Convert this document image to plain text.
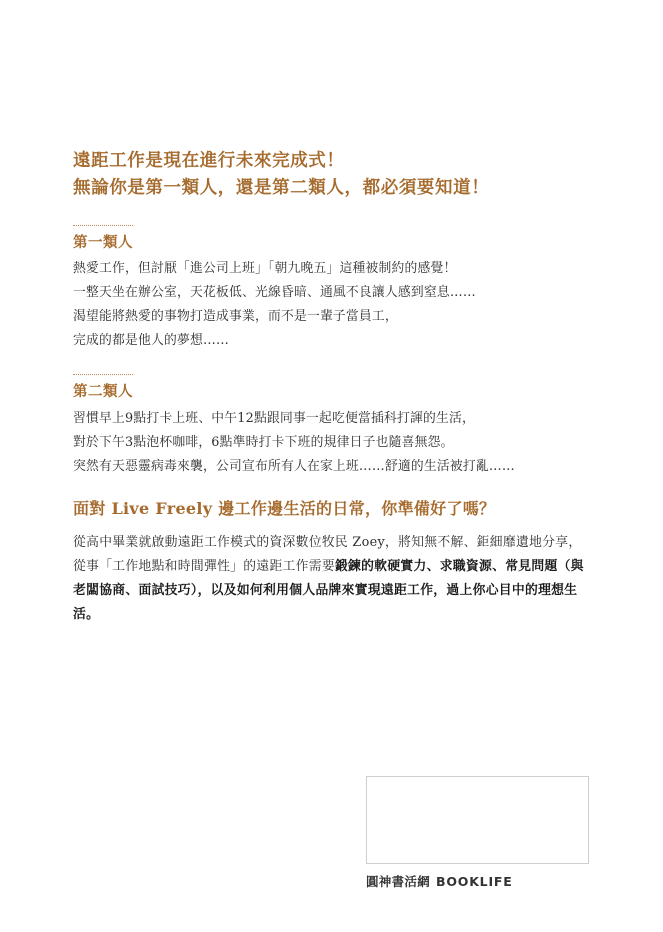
遠距工作是現在進行未來完成式！
無論你是第一類人，還是第二類人，都必須要知道！
第一類人
熱愛工作，但討厭「進公司上班」「朝九晚五」這種被制約的感覺！
一整天坐在辦公室，天花板低、光線昏暗、通風不良讓人感到窒息……
渴望能將熱愛的事物打造成事業，而不是一輩子當員工，
完成的都是他人的夢想……
第二類人
習慣早上9點打卡上班、中午12點跟同事一起吃便當插科打諢的生活，
對於下午3點泡杯咖啡，6點準時打卡下班的規律日子也隨喜無怨。
突然有天惡靈病毒來襲，公司宣布所有人在家上班……舒適的生活被打亂……
面對 Live Freely 邊工作邊生活的日常，你準備好了嗎？
從高中畢業就啟動遠距工作模式的資深數位牧民 Zoey，將知無不解、鉅細靡遺地分享，從事「工作地點和時間彈性」的遠距工作需要鍛鍊的軟硬實力、求職資源、常見問題（與老闆協商、面試技巧），以及如何利用個人品牌來實現遠距工作，過上你心目中的理想生活。
圓神書活網 BOOKLIFE
